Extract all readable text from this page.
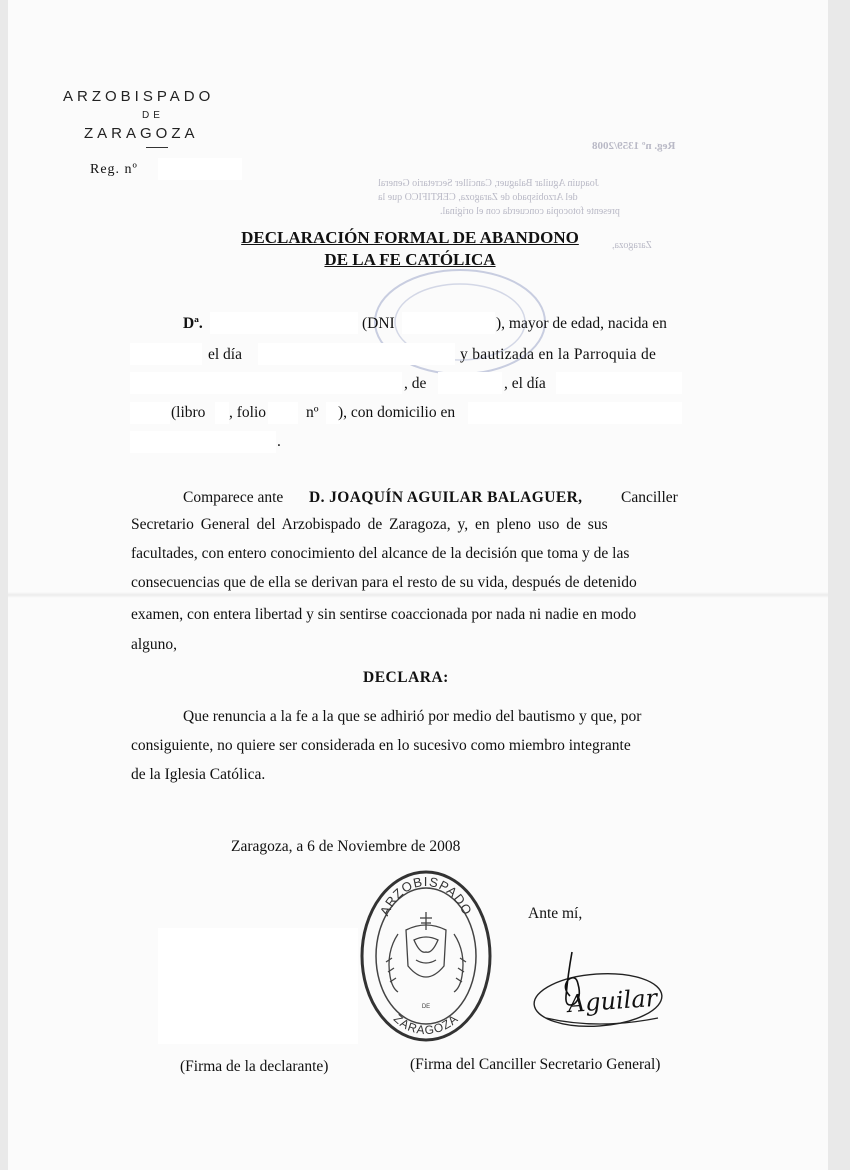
Reg. nº 1359/2008
Joaquín Aguilar Balaguer, Canciller Secretario General
del Arzobispado de Zaragoza, CERTIFICO que la
presente fotocopia concuerda con el original.
Zaragoza,
ARZOBISPADO
DE
ZARAGOZA
Reg. nº
DECLARACIÓN FORMAL DE ABANDONO
DE LA FE CATÓLICA
Dª.	(DNI	), mayor de edad, nacida en
el día	y bautizada en la Parroquia de
, de	, el día
(libro , folio	nº ), con domicilio en
.
Comparece ante D. JOAQUÍN AGUILAR BALAGUER, Canciller
Secretario General del Arzobispado de Zaragoza, y, en pleno uso de sus
facultades, con entero conocimiento del alcance de la decisión que toma y de las
consecuencias que de ella se derivan para el resto de su vida, después de detenido
examen, con entera libertad y sin sentirse coaccionada por nada ni nadie en modo
alguno,
DECLARA:
Que renuncia a la fe a la que se adhirió por medio del bautismo y que, por
consiguiente, no quiere ser considerada en lo sucesivo como miembro integrante
de la Iglesia Católica.
Zaragoza, a 6 de Noviembre de 2008
Ante mí,
ARZOBISPADO
ZARAGOZA
DE	Aguilar
(Firma de la declarante)	(Firma del Canciller Secretario General)
